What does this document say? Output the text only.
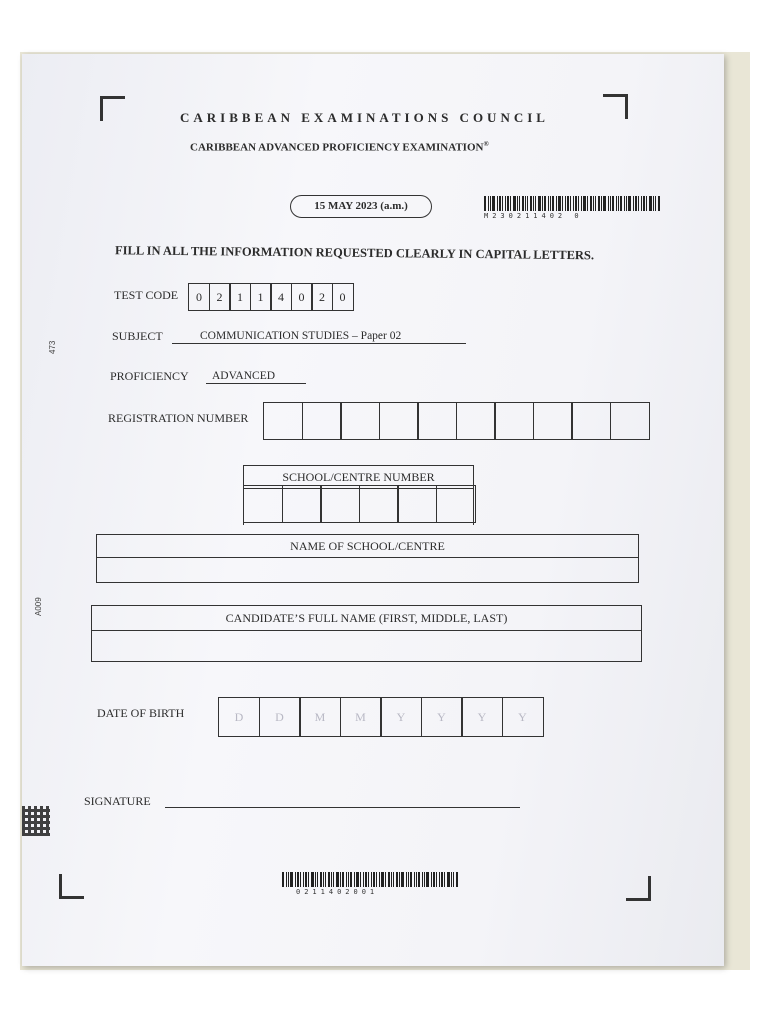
CARIBBEAN EXAMINATIONS COUNCIL
CARIBBEAN ADVANCED PROFICIENCY EXAMINATION®
15 MAY 2023 (a.m.)
M230211402 0
FILL IN ALL THE INFORMATION REQUESTED CLEARLY IN CAPITAL LETTERS.
TEST CODE	0	2	1	1	4	0	2	0
SUBJECT	COMMUNICATION STUDIES – Paper 02
PROFICIENCY	ADVANCED
REGISTRATION NUMBER
SCHOOL/CENTRE NUMBER
NAME OF SCHOOL/CENTRE
CANDIDATE’S FULL NAME (FIRST, MIDDLE, LAST)
DATE OF BIRTH	D	D	M	M	Y	Y	Y	Y
SIGNATURE
473
A009
0211402001
